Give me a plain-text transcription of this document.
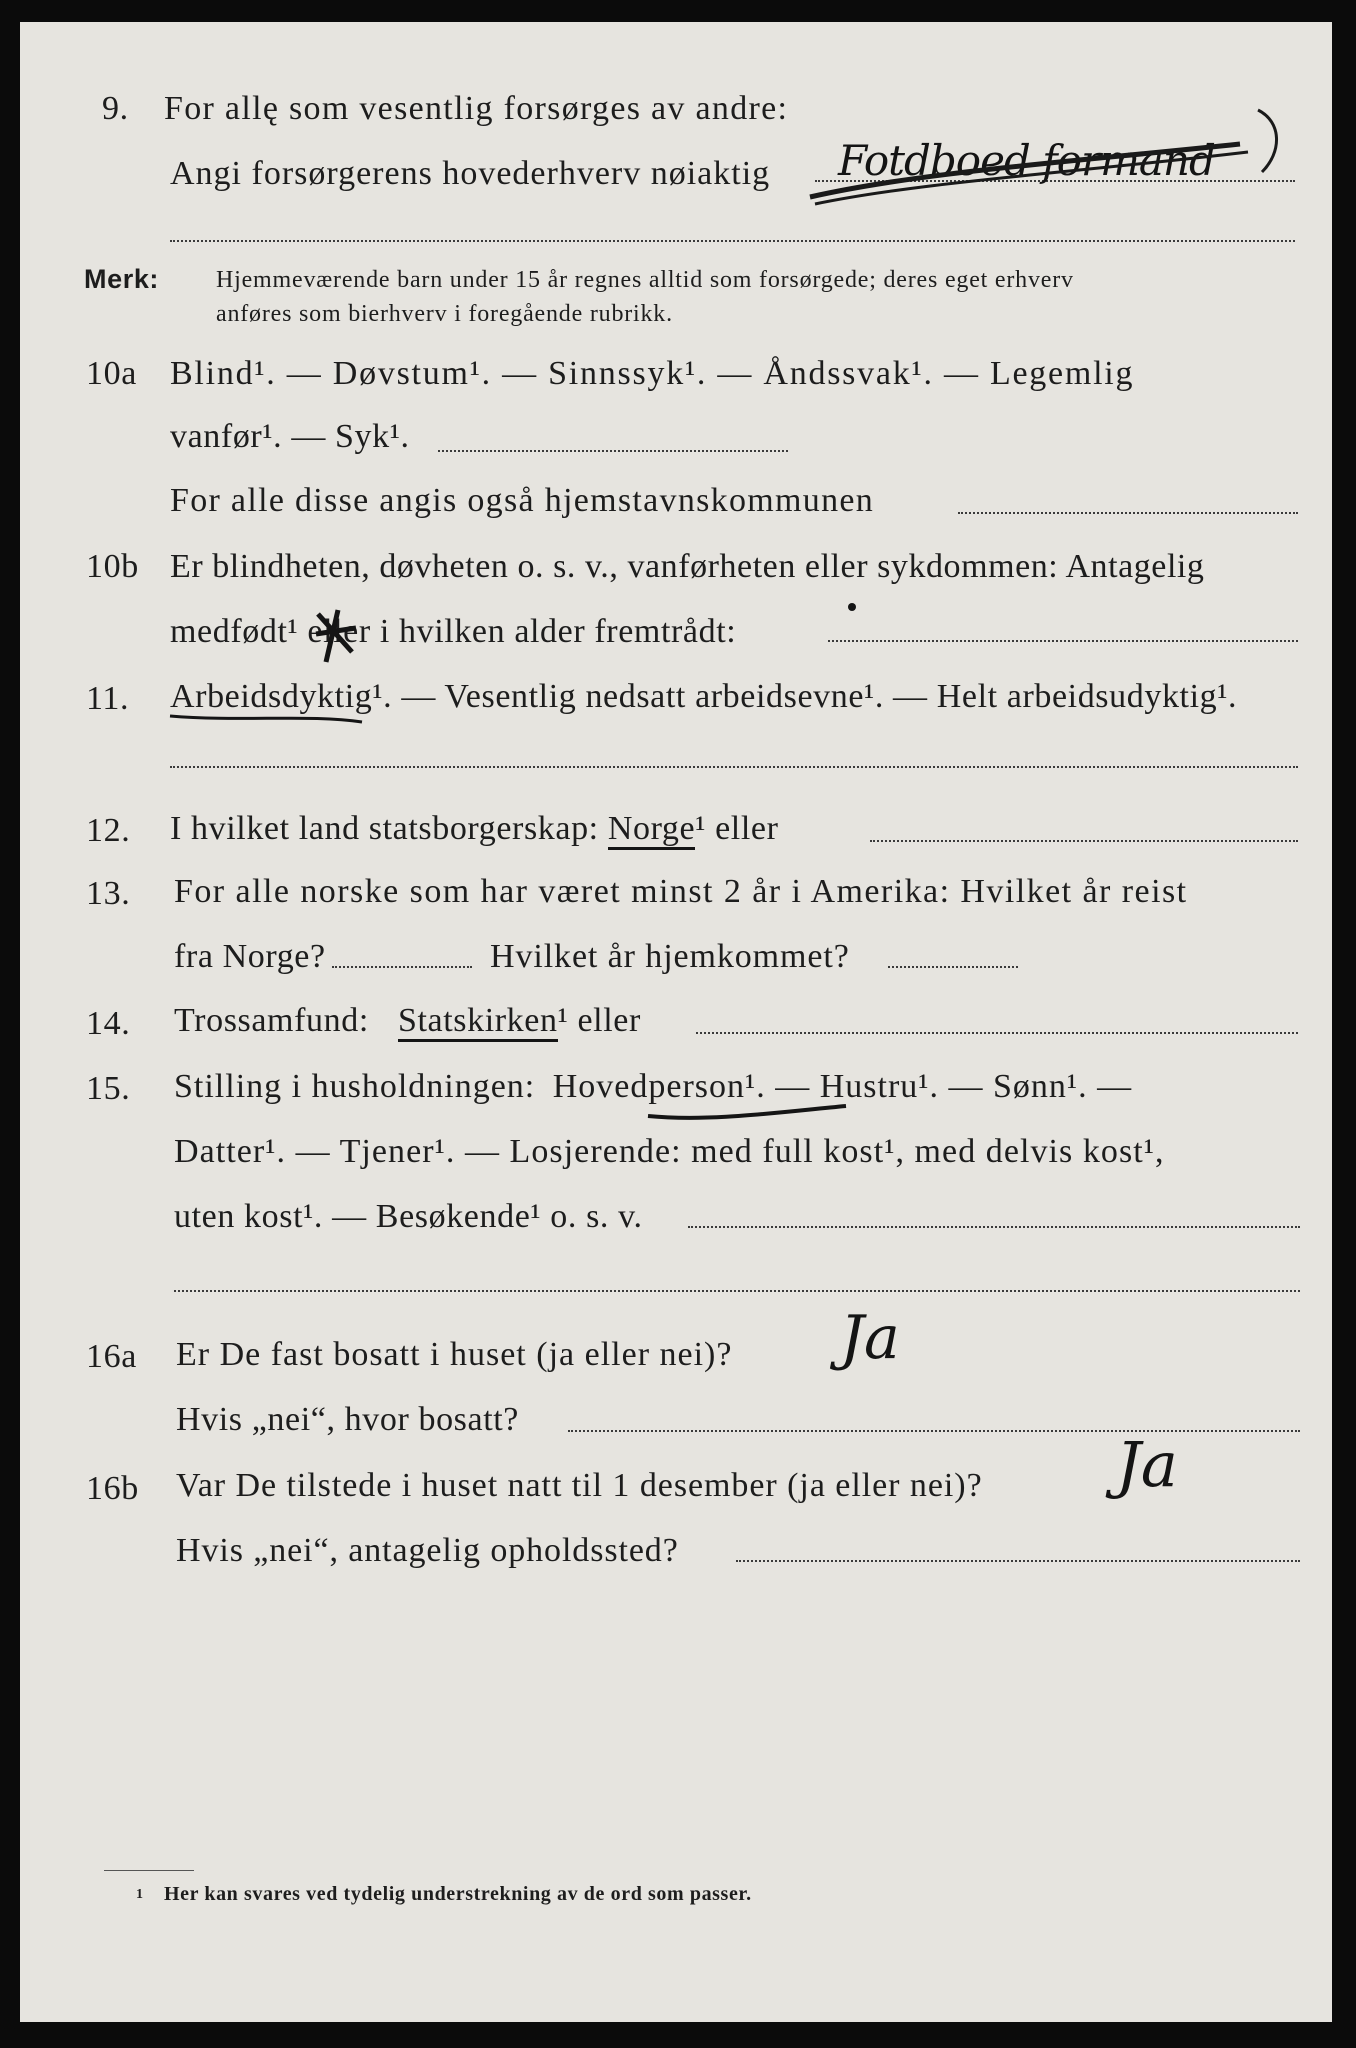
9. For allę som vesentlig forsørges av andre:
Angi forsørgerens hovederhverv nøiaktig Fotdboed formand
Merk: Hjemmeværende barn under 15 år regnes alltid som forsørgede; deres eget erhverv
anføres som bierhverv i foregående rubrikk.
10a Blind¹. — Døvstum¹. — Sinnssyk¹. — Åndssvak¹. — Legemlig
vanfør¹. — Syk¹.
For alle disse angis også hjemstavnskommunen
10b Er blindheten, døvheten o. s. v., vanførheten eller sykdommen: Antagelig
medfødt¹ eller i hvilken alder fremtrådt:
11. Arbeidsdyktig¹. — Vesentlig nedsatt arbeidsevne¹. — Helt arbeidsudyktig¹.
12. I hvilket land statsborgerskap: Norge¹ eller
13. For alle norske som har været minst 2 år i Amerika: Hvilket år reist
fra Norge?	Hvilket år hjemkommet?
14. Trossamfund: Statskirken¹ eller
15. Stilling i husholdningen: Hovedperson¹. — Hustru¹. — Sønn¹. —
Datter¹. — Tjener¹. — Losjerende: med full kost¹, med delvis kost¹,
uten kost¹. — Besøkende¹ o. s. v.
16a Er De fast bosatt i huset (ja eller nei)? Ja
Hvis „nei“, hvor bosatt?
16b Var De tilstede i huset natt til 1 desember (ja eller nei)? Ja
Hvis „nei“, antagelig opholdssted?
1 Her kan svares ved tydelig understrekning av de ord som passer.
